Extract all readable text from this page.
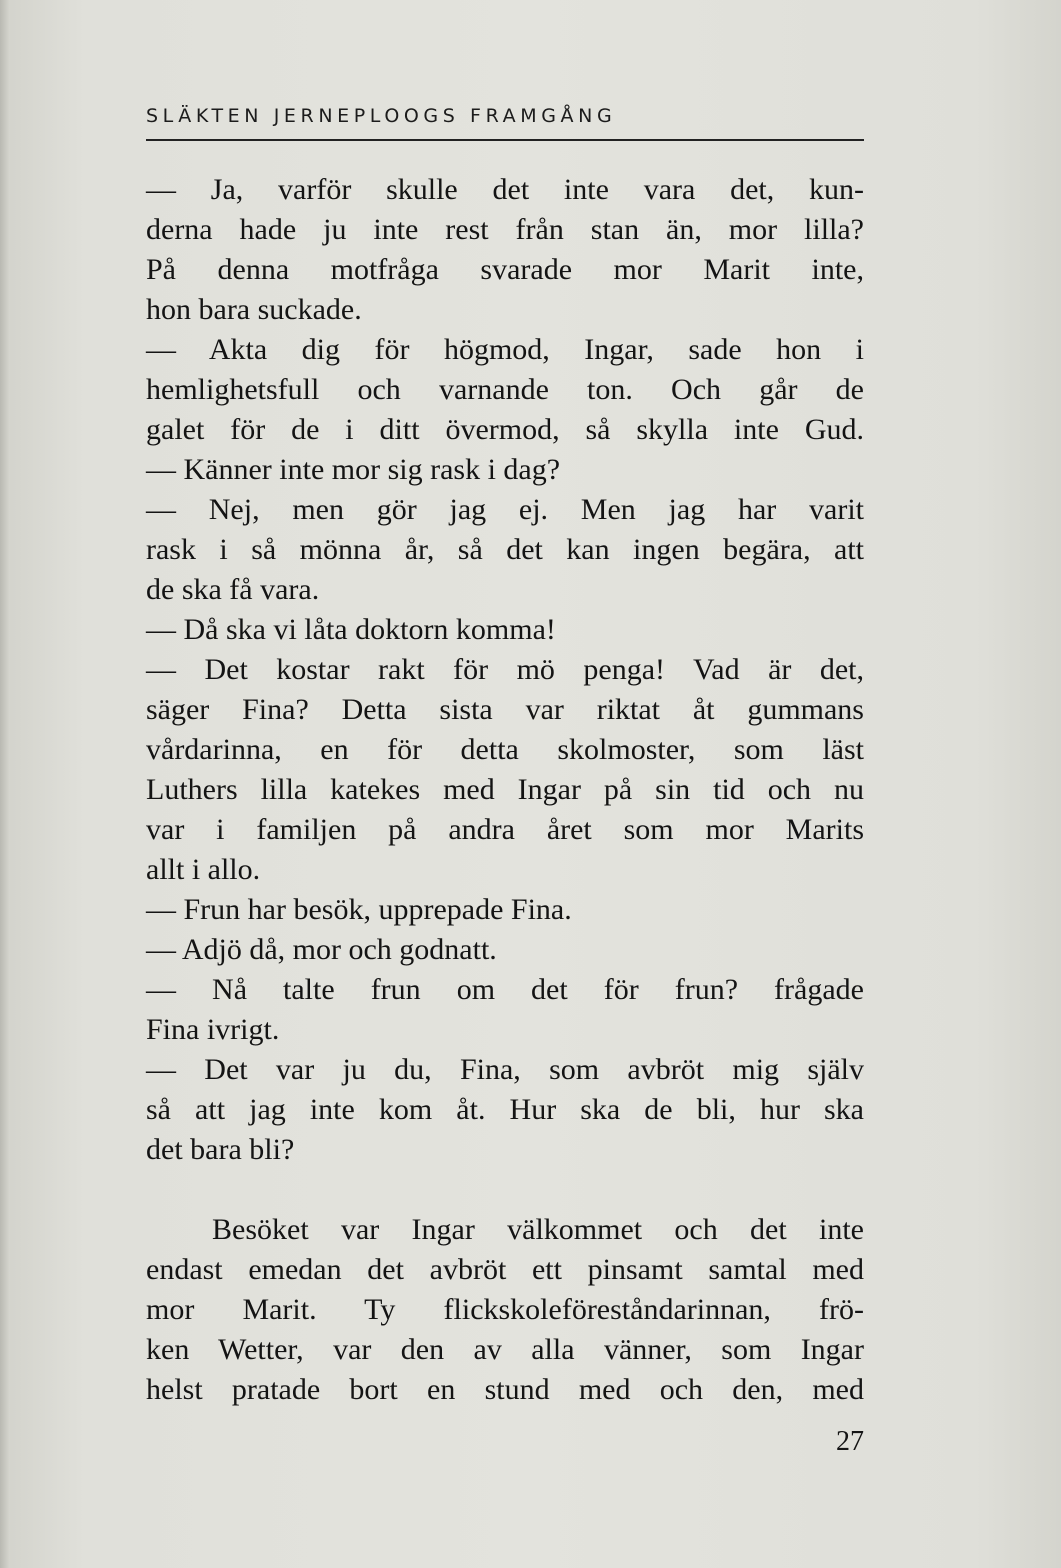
SLÄKTEN JERNEPLOOGS FRAMGÅNG
— Ja, varför skulle det inte vara det, kun-
derna hade ju inte rest från stan än, mor lilla?
På denna motfråga svarade mor Marit inte,
hon bara suckade.
— Akta dig för högmod, Ingar, sade hon i
hemlighetsfull och varnande ton. Och går de
galet för de i ditt övermod, så skylla inte Gud.
— Känner inte mor sig rask i dag?
— Nej, men gör jag ej. Men jag har varit
rask i så mönna år, så det kan ingen begära, att
de ska få vara.
— Då ska vi låta doktorn komma!
— Det kostar rakt för mö penga! Vad är det,
säger Fina? Detta sista var riktat åt gummans
vårdarinna, en för detta skolmoster, som läst
Luthers lilla katekes med Ingar på sin tid och nu
var i familjen på andra året som mor Marits
allt i allo.
— Frun har besök, upprepade Fina.
— Adjö då, mor och godnatt.
— Nå talte frun om det för frun? frågade
Fina ivrigt.
— Det var ju du, Fina, som avbröt mig själv
så att jag inte kom åt. Hur ska de bli, hur ska
det bara bli?
Besöket var Ingar välkommet och det inte
endast emedan det avbröt ett pinsamt samtal med
mor Marit. Ty flickskoleföreståndarinnan, frö-
ken Wetter, var den av alla vänner, som Ingar
helst pratade bort en stund med och den, med
27
